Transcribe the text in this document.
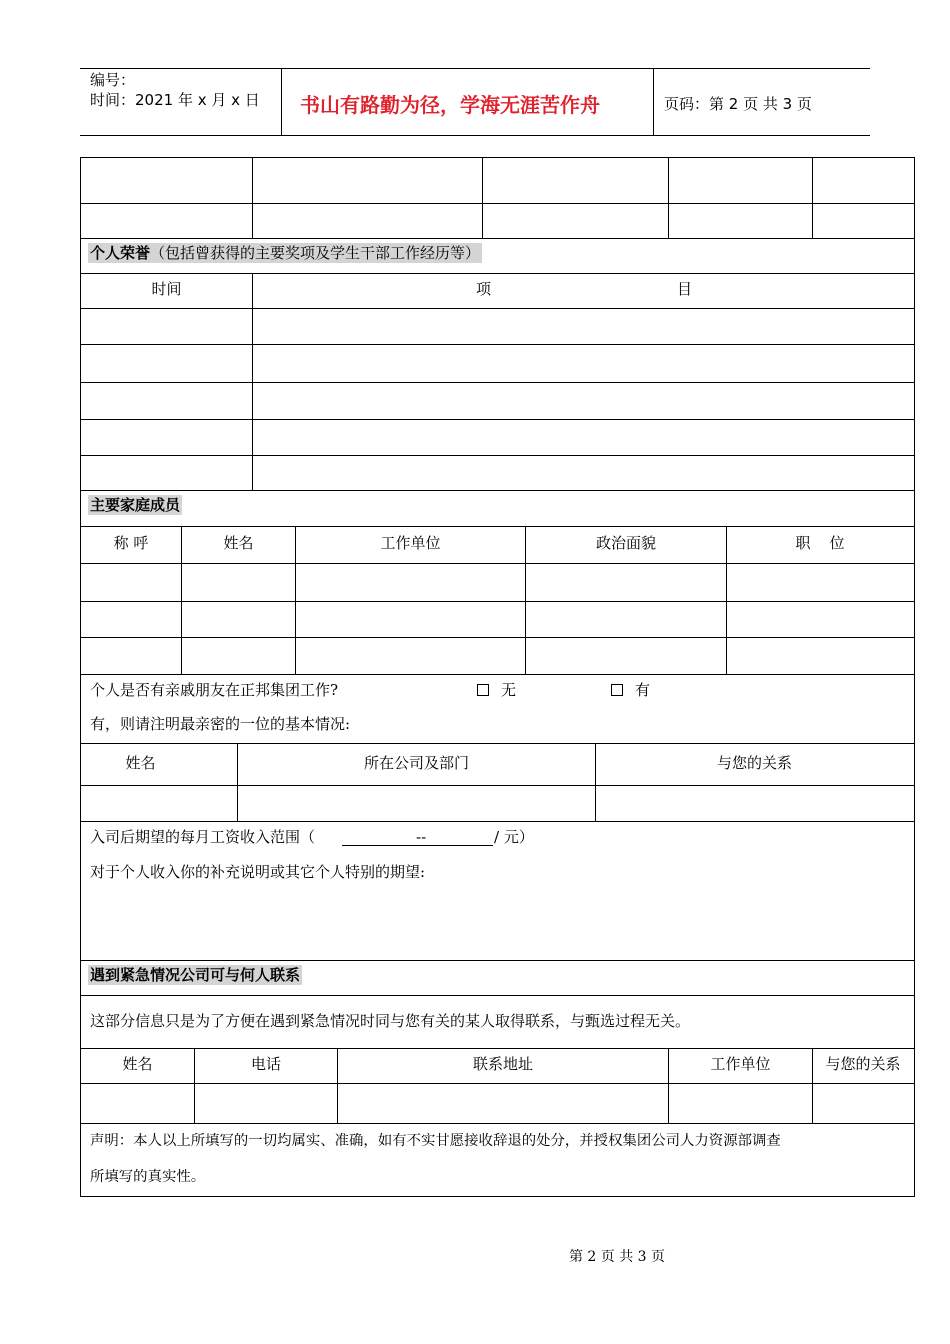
编号：
时间：2021 年 x 月 x 日 书山有路勤为径，学海无涯苦作舟	页码：第 2 页 共 3 页
个人荣誉（包括曾获得的主要奖项及学生干部工作经历等）
时间	项	目
主要家庭成员
称 呼	姓名	工作单位	政治面貌	职    位
个人是否有亲戚朋友在正邦集团工作?	无	有
有，则请注明最亲密的一位的基本情况:
姓名	所在公司及部门	与您的关系
入司后期望的每月工资收入范围（	--	/ 元）
对于个人收入你的补充说明或其它个人特别的期望:
遇到紧急情况公司可与何人联系
这部分信息只是为了方便在遇到紧急情况时同与您有关的某人取得联系，与甄选过程无关。
姓名	电话	联系地址	工作单位	与您的关系
声明：本人以上所填写的一切均属实、准确，如有不实甘愿接收辞退的处分，并授权集团公司人力资源部调查
所填写的真实性。
第 2 页 共 3 页
